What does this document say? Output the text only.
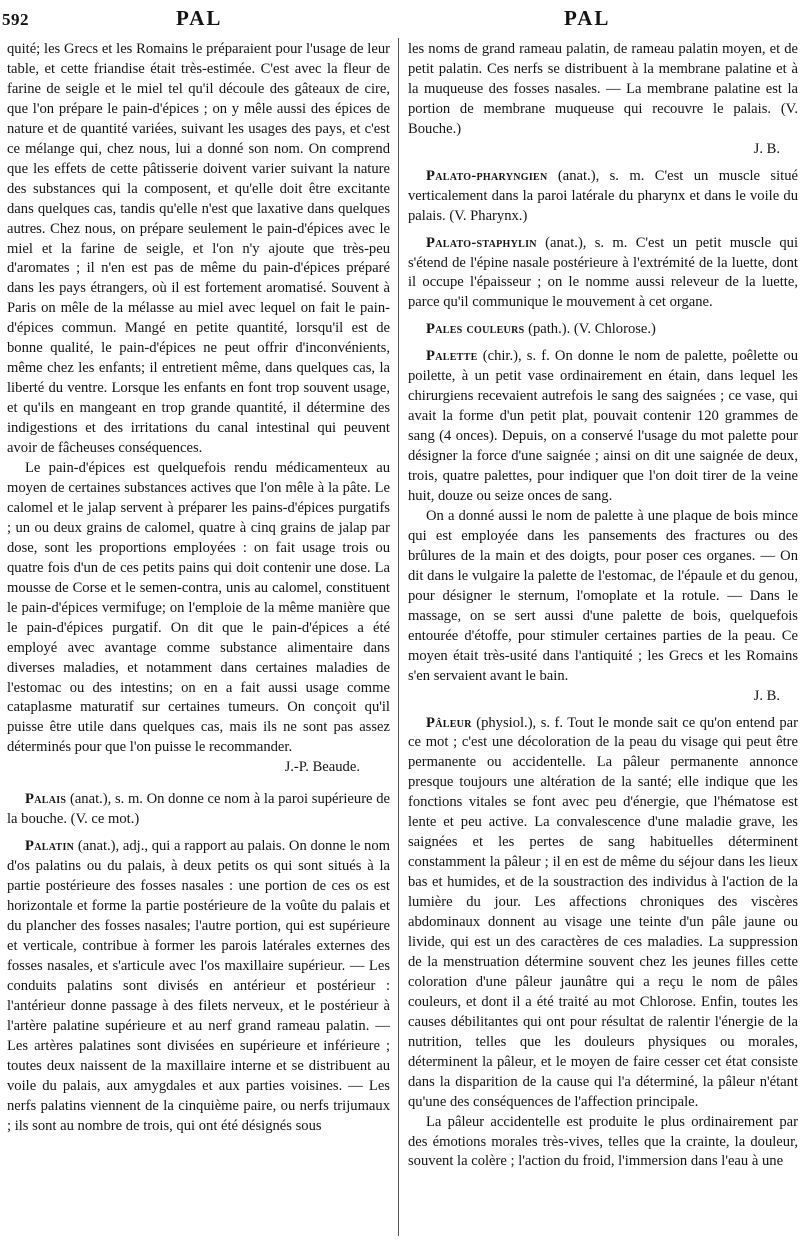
592	PAL	PAL

quité; les Grecs et les Romains le préparaient pour l'usage de leur table, et cette friandise était très-estimée. C'est avec la fleur de farine de seigle et le miel tel qu'il découle des gâteaux de cire, que l'on prépare le pain-d'épices ; on y mêle aussi des épices de nature et de quantité variées, suivant les usages des pays, et c'est ce mélange qui, chez nous, lui a donné son nom. On comprend que les effets de cette pâtisserie doivent varier suivant la nature des substances qui la composent, et qu'elle doit être excitante dans quelques cas, tandis qu'elle n'est que laxative dans quelques autres. Chez nous, on prépare seulement le pain-d'épices avec le miel et la farine de seigle, et l'on n'y ajoute que très-peu d'aromates ; il n'en est pas de même du pain-d'épices préparé dans les pays étrangers, où il est fortement aromatisé. Souvent à Paris on mêle de la mélasse au miel avec lequel on fait le pain-d'épices commun. Mangé en petite quantité, lorsqu'il est de bonne qualité, le pain-d'épices ne peut offrir d'inconvénients, même chez les enfants; il entretient même, dans quelques cas, la liberté du ventre. Lorsque les enfants en font trop souvent usage, et qu'ils en mangeant en trop grande quantité, il détermine des indigestions et des irritations du canal intestinal qui peuvent avoir de fâcheuses conséquences.

Le pain-d'épices est quelquefois rendu médicamenteux au moyen de certaines substances actives que l'on mêle à la pâte. Le calomel et le jalap servent à préparer les pains-d'épices purgatifs ; un ou deux grains de calomel, quatre à cinq grains de jalap par dose, sont les proportions employées : on fait usage trois ou quatre fois d'un de ces petits pains qui doit contenir une dose. La mousse de Corse et le semen-contra, unis au calomel, constituent le pain-d'épices vermifuge; on l'emploie de la même manière que le pain-d'épices purgatif. On dit que le pain-d'épices a été employé avec avantage comme substance alimentaire dans diverses maladies, et notamment dans certaines maladies de l'estomac ou des intestins; on en a fait aussi usage comme cataplasme maturatif sur certaines tumeurs. On conçoit qu'il puisse être utile dans quelques cas, mais ils ne sont pas assez déterminés pour que l'on puisse le recommander.

J.-P. Beaude.

Palais (anat.), s. m. On donne ce nom à la paroi supérieure de la bouche. (V. ce mot.)

Palatin (anat.), adj., qui a rapport au palais. On donne le nom d'os palatins ou du palais, à deux petits os qui sont situés à la partie postérieure des fosses nasales : une portion de ces os est horizontale et forme la partie postérieure de la voûte du palais et du plancher des fosses nasales; l'autre portion, qui est supérieure et verticale, contribue à former les parois latérales externes des fosses nasales, et s'articule avec l'os maxillaire supérieur. — Les conduits palatins sont divisés en antérieur et postérieur : l'antérieur donne passage à des filets nerveux, et le postérieur à l'artère palatine supérieure et au nerf grand rameau palatin. — Les artères palatines sont divisées en supérieure et inférieure ; toutes deux naissent de la maxillaire interne et se distribuent au voile du palais, aux amygdales et aux parties voisines. — Les nerfs palatins viennent de la cinquième paire, ou nerfs trijumaux ; ils sont au nombre de trois, qui ont été désignés sous

les noms de grand rameau palatin, de rameau palatin moyen, et de petit palatin. Ces nerfs se distribuent à la membrane palatine et à la muqueuse des fosses nasales. — La membrane palatine est la portion de membrane muqueuse qui recouvre le palais. (V. Bouche.)

J. B.

Palato-pharyngien (anat.), s. m. C'est un muscle situé verticalement dans la paroi latérale du pharynx et dans le voile du palais. (V. Pharynx.)

Palato-staphylin (anat.), s. m. C'est un petit muscle qui s'étend de l'épine nasale postérieure à l'extrémité de la luette, dont il occupe l'épaisseur ; on le nomme aussi releveur de la luette, parce qu'il communique le mouvement à cet organe.

Pales couleurs (path.). (V. Chlorose.)

Palette (chir.), s. f. On donne le nom de palette, poêlette ou poilette, à un petit vase ordinairement en étain, dans lequel les chirurgiens recevaient autrefois le sang des saignées ; ce vase, qui avait la forme d'un petit plat, pouvait contenir 120 grammes de sang (4 onces). Depuis, on a conservé l'usage du mot palette pour désigner la force d'une saignée ; ainsi on dit une saignée de deux, trois, quatre palettes, pour indiquer que l'on doit tirer de la veine huit, douze ou seize onces de sang.

On a donné aussi le nom de palette à une plaque de bois mince qui est employée dans les pansements des fractures ou des brûlures de la main et des doigts, pour poser ces organes. — On dit dans le vulgaire la palette de l'estomac, de l'épaule et du genou, pour désigner le sternum, l'omoplate et la rotule. — Dans le massage, on se sert aussi d'une palette de bois, quelquefois entourée d'étoffe, pour stimuler certaines parties de la peau. Ce moyen était très-usité dans l'antiquité ; les Grecs et les Romains s'en servaient avant le bain.

J. B.

Pâleur (physiol.), s. f. Tout le monde sait ce qu'on entend par ce mot ; c'est une décoloration de la peau du visage qui peut être permanente ou accidentelle. La pâleur permanente annonce presque toujours une altération de la santé; elle indique que les fonctions vitales se font avec peu d'énergie, que l'hématose est lente et peu active. La convalescence d'une maladie grave, les saignées et les pertes de sang habituelles déterminent constamment la pâleur ; il en est de même du séjour dans les lieux bas et humides, et de la soustraction des individus à l'action de la lumière du jour. Les affections chroniques des viscères abdominaux donnent au visage une teinte d'un pâle jaune ou livide, qui est un des caractères de ces maladies. La suppression de la menstruation détermine souvent chez les jeunes filles cette coloration d'une pâleur jaunâtre qui a reçu le nom de pâles couleurs, et dont il a été traité au mot Chlorose. Enfin, toutes les causes débilitantes qui ont pour résultat de ralentir l'énergie de la nutrition, telles que les douleurs physiques ou morales, déterminent la pâleur, et le moyen de faire cesser cet état consiste dans la disparition de la cause qui l'a déterminé, la pâleur n'étant qu'une des conséquences de l'affection principale.

La pâleur accidentelle est produite le plus ordinairement par des émotions morales très-vives, telles que la crainte, la douleur, souvent la colère ; l'action du froid, l'immersion dans l'eau à une
